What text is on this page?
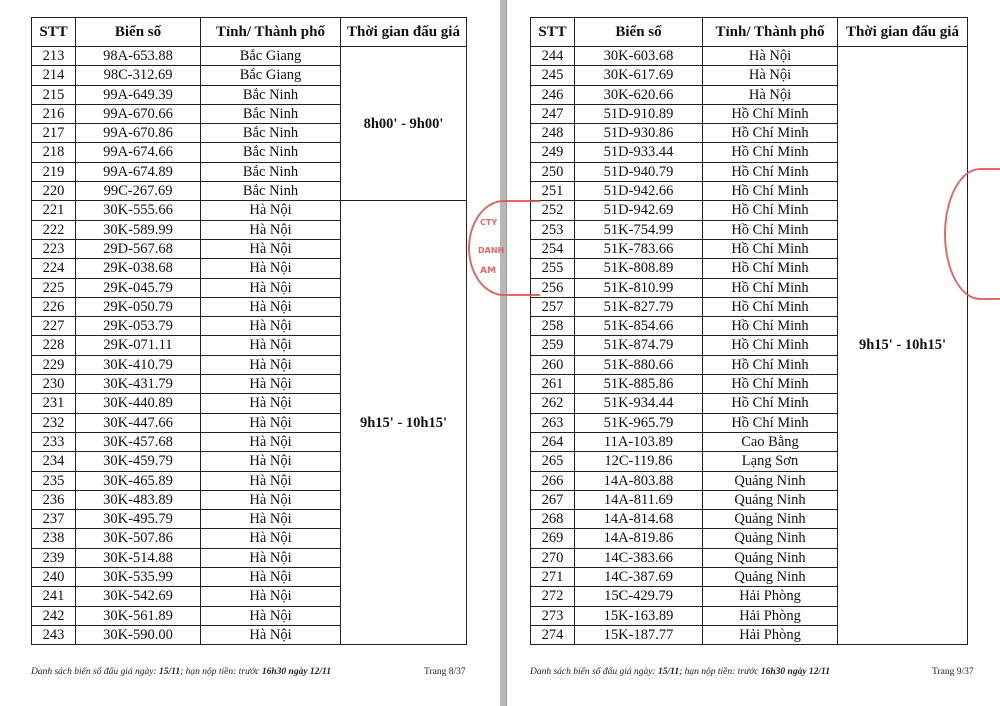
STT	Biển số	Tỉnh/ Thành phố	Thời gian đấu giá
213	98A-653.88	Bắc Giang	8h00' - 9h00'
214	98C-312.69	Bắc Giang	
215	99A-649.39	Bắc Ninh	
216	99A-670.66	Bắc Ninh	
217	99A-670.86	Bắc Ninh	
218	99A-674.66	Bắc Ninh	
219	99A-674.89	Bắc Ninh	
220	99C-267.69	Bắc Ninh	
221	30K-555.66	Hà Nội	9h15' - 10h15'
222	30K-589.99	Hà Nội	
223	29D-567.68	Hà Nội	
224	29K-038.68	Hà Nội	
225	29K-045.79	Hà Nội	
226	29K-050.79	Hà Nội	
227	29K-053.79	Hà Nội	
228	29K-071.11	Hà Nội	
229	30K-410.79	Hà Nội	
230	30K-431.79	Hà Nội	
231	30K-440.89	Hà Nội	
232	30K-447.66	Hà Nội	
233	30K-457.68	Hà Nội	
234	30K-459.79	Hà Nội	
235	30K-465.89	Hà Nội	
236	30K-483.89	Hà Nội	
237	30K-495.79	Hà Nội	
238	30K-507.86	Hà Nội	
239	30K-514.88	Hà Nội	
240	30K-535.99	Hà Nội	
241	30K-542.69	Hà Nội	
242	30K-561.89	Hà Nội	
243	30K-590.00	Hà Nội	
Danh sách biển số đấu giá ngày: 15/11; hạn nộp tiền: trước 16h30 ngày 12/11	Trang 8/37
STT	Biển số	Tỉnh/ Thành phố	Thời gian đấu giá
244	30K-603.68	Hà Nội	9h15' - 10h15'
245	30K-617.69	Hà Nội	
246	30K-620.66	Hà Nội	
247	51D-910.89	Hồ Chí Minh	
248	51D-930.86	Hồ Chí Minh	
249	51D-933.44	Hồ Chí Minh	
250	51D-940.79	Hồ Chí Minh	
251	51D-942.66	Hồ Chí Minh	
252	51D-942.69	Hồ Chí Minh	
253	51K-754.99	Hồ Chí Minh	
254	51K-783.66	Hồ Chí Minh	
255	51K-808.89	Hồ Chí Minh	
256	51K-810.99	Hồ Chí Minh	
257	51K-827.79	Hồ Chí Minh	
258	51K-854.66	Hồ Chí Minh	
259	51K-874.79	Hồ Chí Minh	
260	51K-880.66	Hồ Chí Minh	
261	51K-885.86	Hồ Chí Minh	
262	51K-934.44	Hồ Chí Minh	
263	51K-965.79	Hồ Chí Minh	
264	11A-103.89	Cao Bằng	
265	12C-119.86	Lạng Sơn	
266	14A-803.88	Quảng Ninh	
267	14A-811.69	Quảng Ninh	
268	14A-814.68	Quảng Ninh	
269	14A-819.86	Quảng Ninh	
270	14C-383.66	Quảng Ninh	
271	14C-387.69	Quảng Ninh	
272	15C-429.79	Hải Phòng	
273	15K-163.89	Hải Phòng	
274	15K-187.77	Hải Phòng	
Danh sách biển số đấu giá ngày: 15/11; hạn nộp tiền: trước 16h30 ngày 12/11	Trang 9/37
CTY
DANH
AM
